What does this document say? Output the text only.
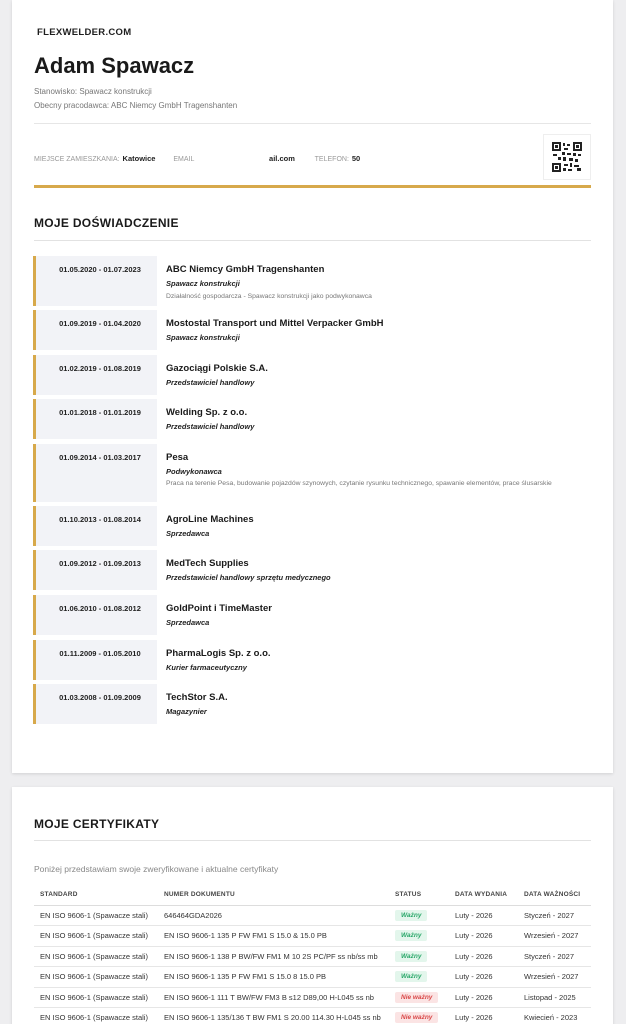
FLEXWELDER.COM
Adam Spawacz
Stanowisko: Spawacz konstrukcji
Obecny pracodawca: ABC Niemcy GmbH Tragenshanten
MIEJSCE ZAMIESZKANIA: Katowice	EMAIL	ail.com	TELEFON: 50
MOJE DOŚWIADCZENIE
01.05.2020 - 01.07.2023	ABC Niemcy GmbH Tragenshanten
Spawacz konstrukcji
Działalność gospodarcza - Spawacz konstrukcji jako podwykonawca
01.09.2019 - 01.04.2020	Mostostal Transport und Mittel Verpacker GmbH
Spawacz konstrukcji
01.02.2019 - 01.08.2019	Gazociągi Polskie S.A.
Przedstawiciel handlowy
01.01.2018 - 01.01.2019	Welding Sp. z o.o.
Przedstawiciel handlowy
01.09.2014 - 01.03.2017	Pesa
Podwykonawca
Praca na terenie Pesa, budowanie pojazdów szynowych, czytanie rysunku technicznego, spawanie elementów, prace ślusarskie
01.10.2013 - 01.08.2014	AgroLine Machines
Sprzedawca
01.09.2012 - 01.09.2013	MedTech Supplies
Przedstawiciel handlowy sprzętu medycznego
01.06.2010 - 01.08.2012	GoldPoint i TimeMaster
Sprzedawca
01.11.2009 - 01.05.2010	PharmaLogis Sp. z o.o.
Kurier farmaceutyczny
01.03.2008 - 01.09.2009	TechStor S.A.
Magazynier
MOJE CERTYFIKATY
Poniżej przedstawiam swoje zweryfikowane i aktualne certyfikaty
STANDARD	NUMER DOKUMENTU	STATUS	DATA WYDANIA	DATA WAŻNOŚCI
EN ISO 9606-1 (Spawacze stali)	646464GDA2026	Ważny	Luty - 2026	Styczeń - 2027
EN ISO 9606-1 (Spawacze stali)	EN ISO 9606-1 135 P FW FM1 S 15.0 & 15.0 PB	Ważny	Luty - 2026	Wrzesień - 2027
EN ISO 9606-1 (Spawacze stali)	EN ISO 9606-1 138 P BW/FW FM1 M 10 2S PC/PF ss nb/ss mb	Ważny	Luty - 2026	Styczeń - 2027
EN ISO 9606-1 (Spawacze stali)	EN ISO 9606-1 135 P FW FM1 S 15.0 8 15.0 PB	Ważny	Luty - 2026	Wrzesień - 2027
EN ISO 9606-1 (Spawacze stali)	EN ISO 9606-1 111 T BW/FW FM3 B s12 D89,00 H-L045 ss nb	Nie ważny	Luty - 2026	Listopad - 2025
EN ISO 9606-1 (Spawacze stali)	EN ISO 9606-1 135/136 T BW FM1 S 20.00 114.30 H-L045 ss nb	Nie ważny	Luty - 2026	Kwiecień - 2023
